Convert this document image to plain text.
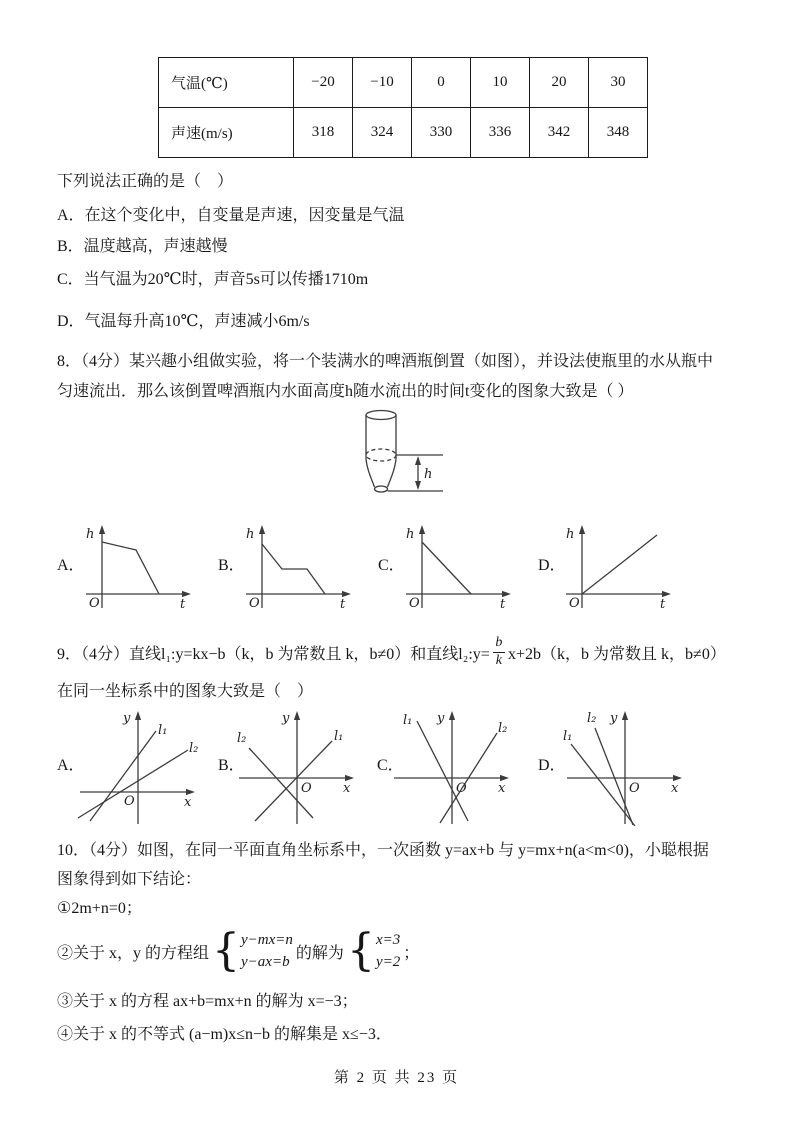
气温(℃)	−20	−10	0	10	20	30
声速(m/s)	318	324	330	336	342	348
下列说法正确的是（　）
A．在这个变化中，自变量是声速，因变量是气温
B．温度越高，声速越慢
C．当气温为20℃时，声音5s可以传播1710m
D．气温每升高10℃，声速减小6m/s
8．（4分）某兴趣小组做实验，将一个装满水的啤酒瓶倒置（如图），并设法使瓶里的水从瓶中
匀速流出．那么该倒置啤酒瓶内水面高度h随水流出的时间t变化的图象大致是（ ）
h
A．
h
t
O
B．
h
t
O
C．
h
t
O
D．
h
t
O
9．（4分）直线l₁:y=kx−b（k，b 为常数且 k，b≠0）和直线l₂:y= $\frac{b}{k} x+2b(k$，b 为常数且 k，b≠0）
在同一坐标系中的图象大致是（　）
A．
y
x
O
l₁
l₂
B．
y
x
O
l₁
l₂
C．
y
x
O
l₁
l₂
D．
y
x
O
l₁
l₂
10．（4分）如图，在同一平面直角坐标系中，一次函数 y=ax+b 与 y=mx+n(a<m<0)，小聪根据
图象得到如下结论：
①2m+n=0；
②关于 x，y 的方程组 { y−mx=n
y−ax=b
的解为 { x=3
y=2
；
③关于 x 的方程 ax+b=mx+n 的解为 x=−3；
④关于 x 的不等式 (a−m)x≤n−b 的解集是 x≤−3．
第 2 页 共 23 页
